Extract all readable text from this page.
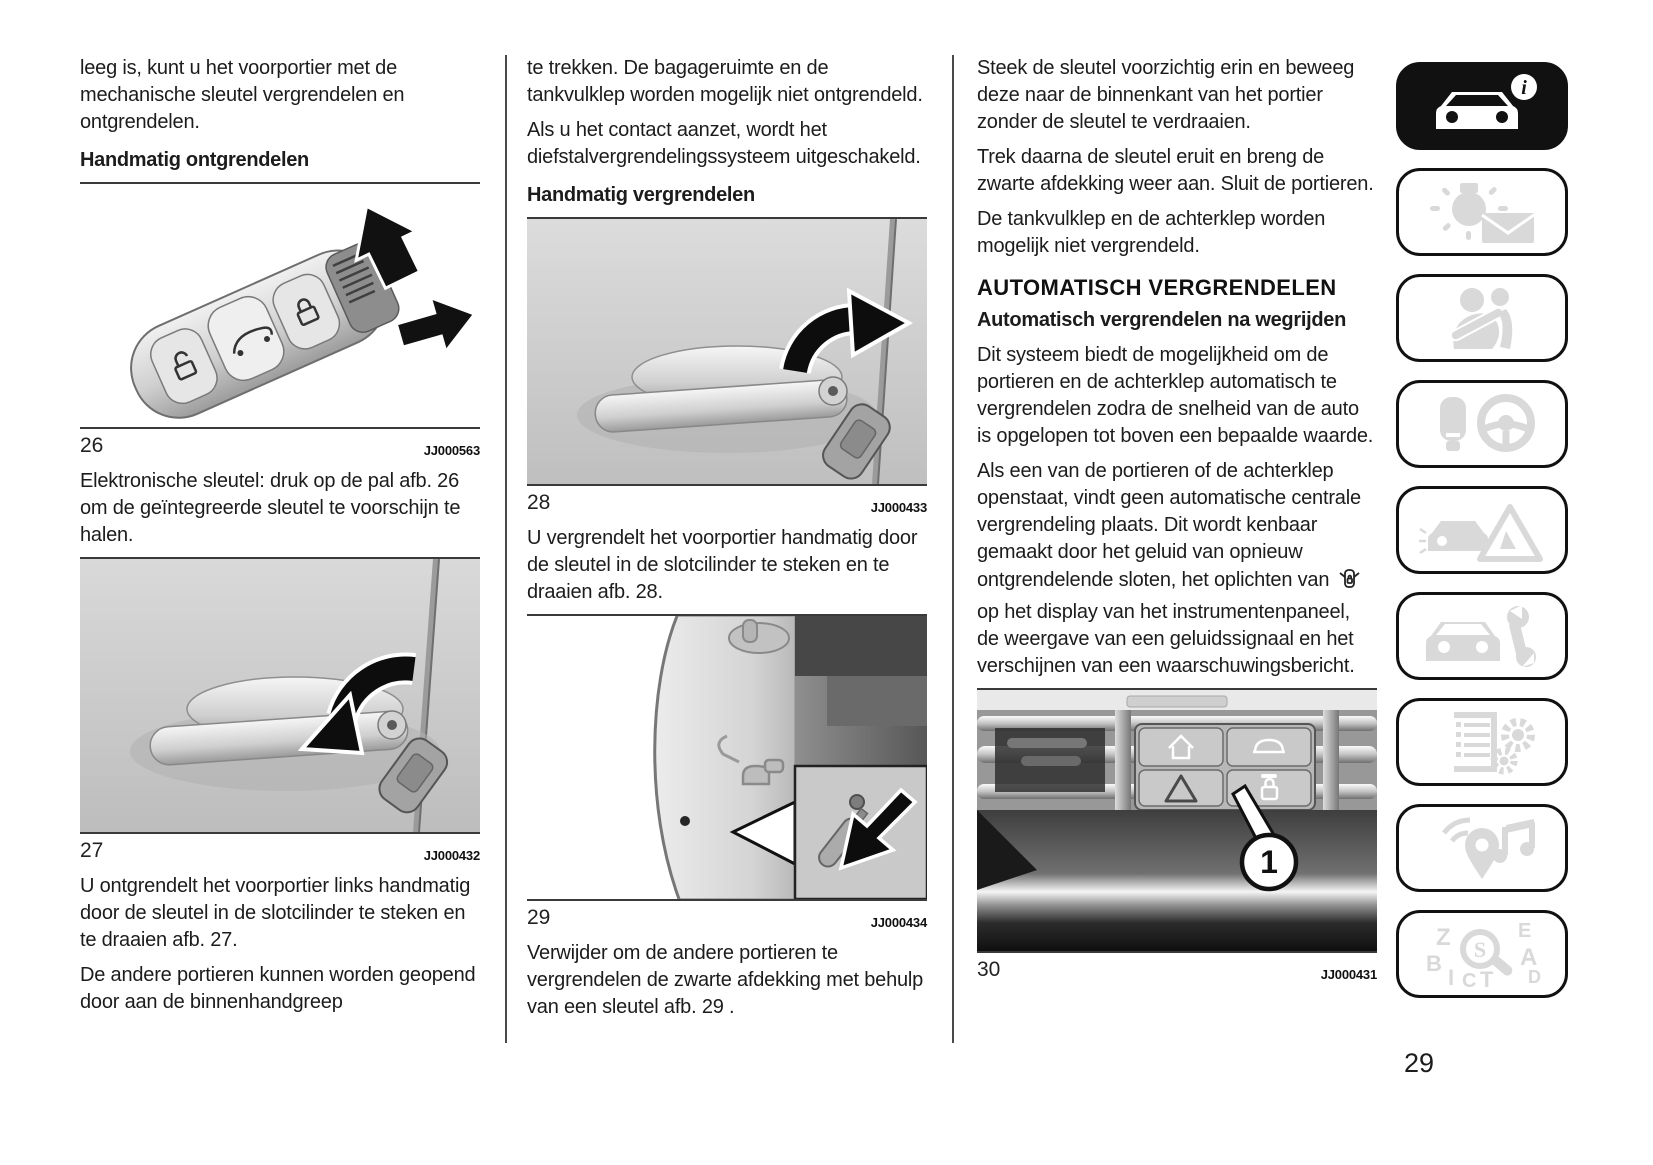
leeg is, kunt u het voorportier met de mechanische sleutel vergrendelen en ontgrendelen.

Handmatig ontgrendelen
26	JJ000563

Elektronische sleutel: druk op de pal afb. 26 om de geïntegreerde sleutel te voorschijn te halen.

27	JJ000432

U ontgrendelt het voorportier links handmatig door de sleutel in de slotcilinder te steken en te draaien afb. 27.

De andere portieren kunnen worden geopend door aan de binnenhandgreep

te trekken. De bagageruimte en de tankvulklep worden mogelijk niet ontgrendeld.

Als u het contact aanzet, wordt het diefstalvergrendelingssysteem uitgeschakeld.

Handmatig vergrendelen
28	JJ000433

U vergrendelt het voorportier handmatig door de sleutel in de slotcilinder te steken en te draaien afb. 28.

29	JJ000434

Verwijder om de andere portieren te vergrendelen de zwarte afdekking met behulp van een sleutel afb. 29 .

Steek de sleutel voorzichtig erin en beweeg deze naar de binnenkant van het portier zonder de sleutel te verdraaien.

Trek daarna de sleutel eruit en breng de zwarte afdekking weer aan. Sluit de portieren.

De tankvulklep en de achterklep worden mogelijk niet vergrendeld.

AUTOMATISCH VERGRENDELEN
Automatisch vergrendelen na wegrijden

Dit systeem biedt de mogelijkheid om de portieren en de achterklep automatisch te vergrendelen zodra de snelheid van de auto is opgelopen tot boven een bepaalde waarde.

Als een van de portieren of de achterklep openstaat, vindt geen automatische centrale vergrendeling plaats. Dit wordt kenbaar gemaakt door het geluid van opnieuw ontgrendelende sloten, het oplichten van  op het display van het instrumentenpaneel, de weergave van een geluidssignaal en het verschijnen van een waarschuwingsbericht.

1
30	JJ000431
i
Z	E
B	A
D
I C T
S
29
